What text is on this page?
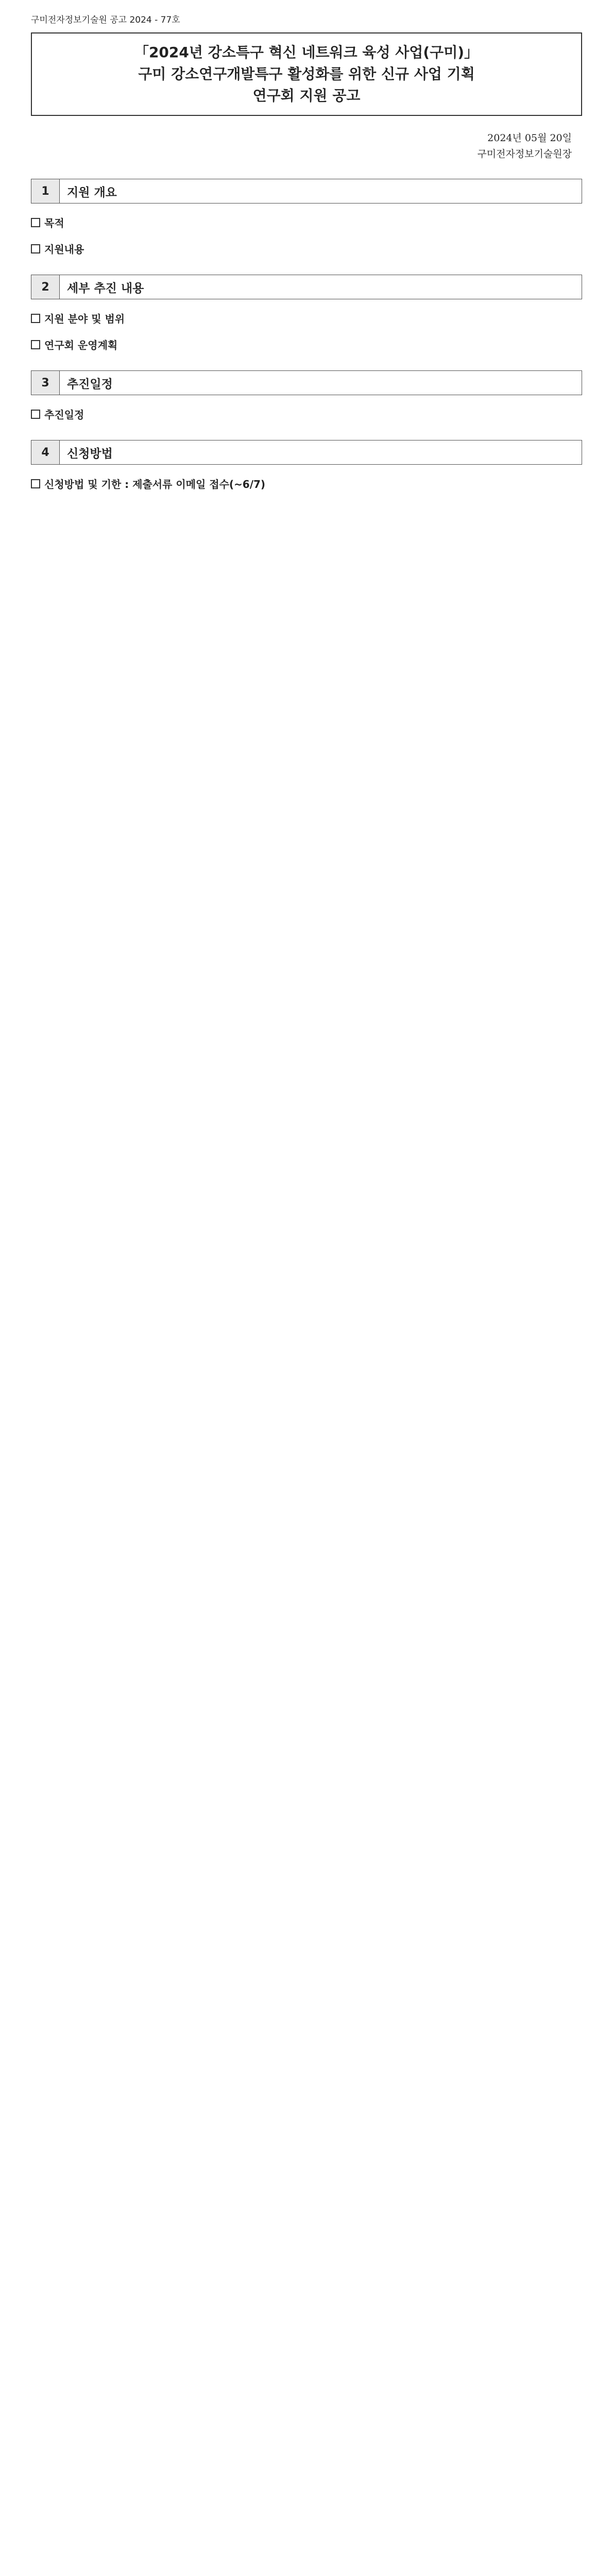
구미전자정보기술원 공고 2024 - 77호

「2024년 강소특구 혁신 네트워크 육성 사업(구미)」

구미 강소연구개발특구 활성화를 위한 신규 사업 기획

연구회 지원 공고

2024년 05월 20일

구미전자정보기술원장

1	지원 개요
목적
지원내용
2	세부 추진 내용
지원 분야 및 범위
연구회 운영계획
3	추진일정
추진일정
4	신청방법
신청방법 및 기한 : 제출서류 이메일 접수(~6/7)
